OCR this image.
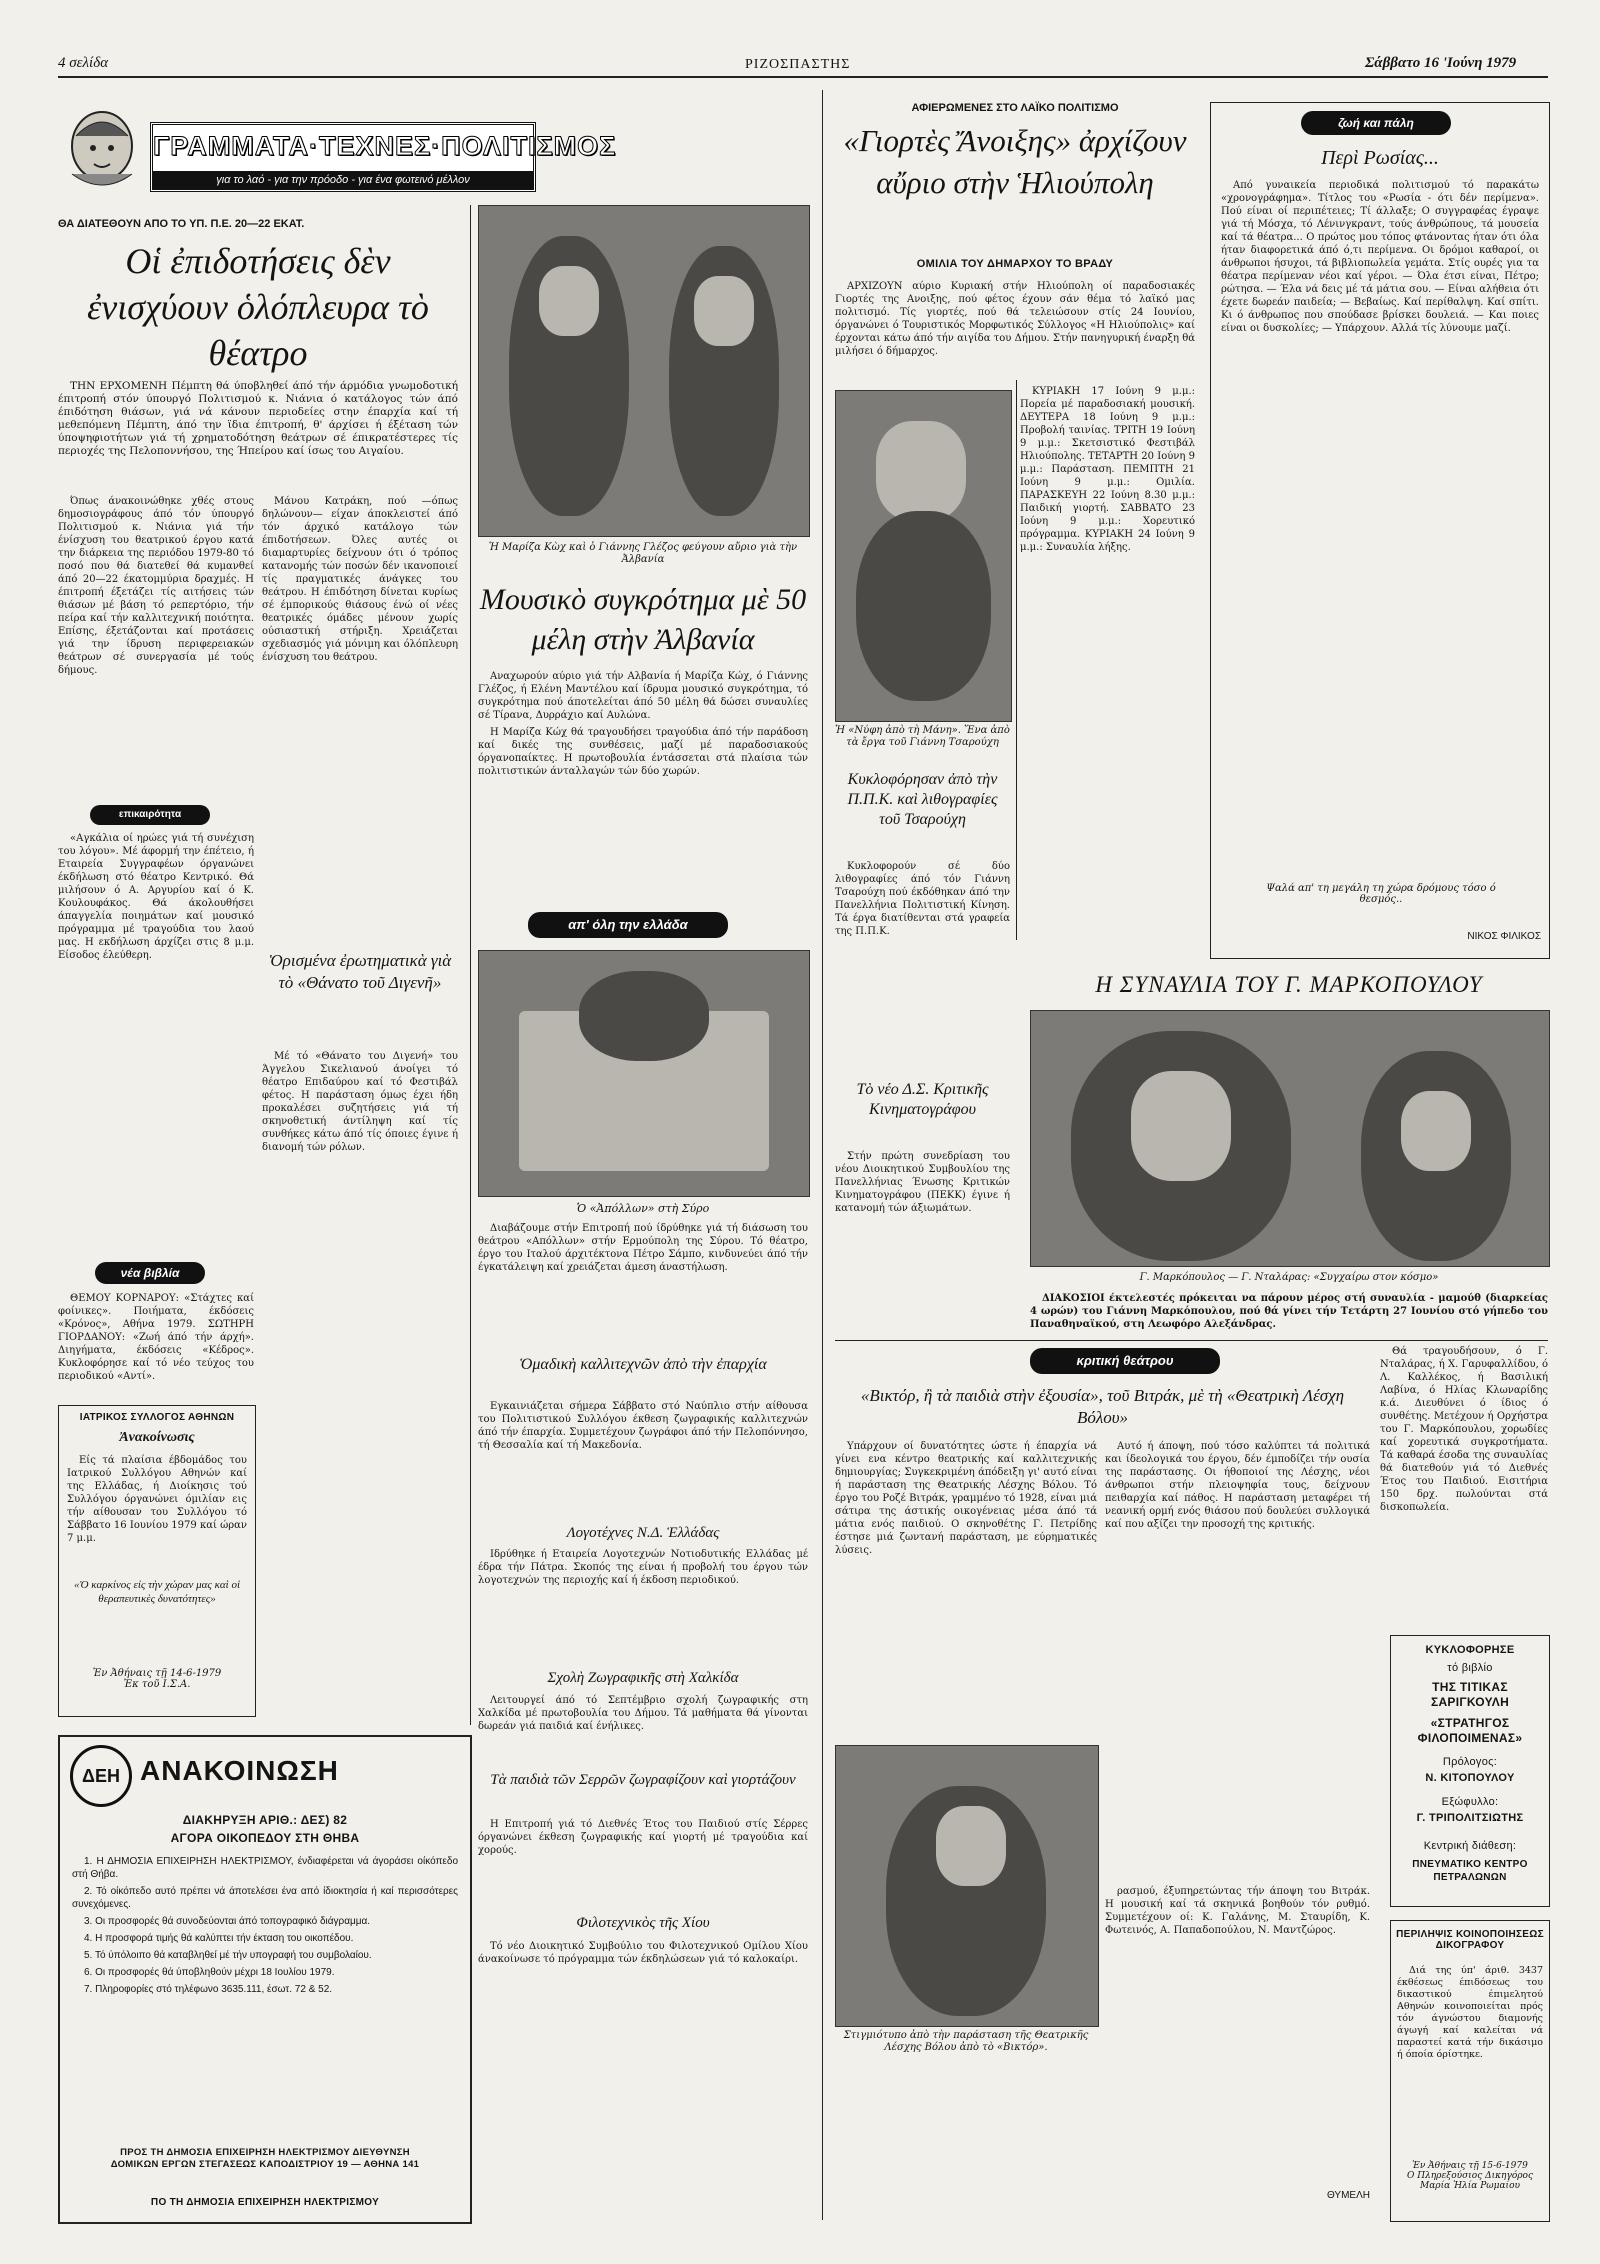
4 σελίδα	ΡΙΖΟΣΠΑΣΤΗΣ	Σάββατο 16 'Ιούνη 1979
ΓΡΑΜΜΑΤΑ·ΤΕΧΝΕΣ·ΠΟΛΙΤΙΣΜΟΣ
για το λαό - για την πρόοδο - για ένα φωτεινό μέλλον
ΘΑ ΔΙΑΤΕΘΟΥΝ ΑΠΟ ΤΟ ΥΠ. Π.Ε. 20—22 ΕΚΑΤ.
Οἱ ἐπιδοτήσεις δὲν ἐνισχύουν ὁλόπλευρα τὸ θέατρο

ΤΗΝ ΕΡΧΟΜΕΝΗ Πέμπτη θά ύποβληθεί άπό τήν άρμόδια γνωμοδοτική έπιτροπή στόν ύπουργό Πολιτισμού κ. Νιάνια ό κατάλογος τών άπό έπιδότηση θιάσων, γιά νά κάνουν περιοδείες στην έπαρχία καί τή μεθεπόμενη Πέμπτη, άπό την ϊδια έπιτροπή, θ' άρχίσει ή έξέταση τών ύποψηφιοτήτων γιά τή χρηματοδότηση θεάτρων σέ έπικρατέστερες τίς περιοχές της Πελοποννήσου, της Ήπείρου καί ίσως του Αιγαίου.

Όπως άνακοινώθηκε χθές στους δημοσιογράφους άπό τόν ύπουργό Πολιτισμού κ. Νιάνια γιά τήν ένίσχυση του θεατρικού έργου κατά την διάρκεια της περιόδου 1979-80 τό ποσό που θά διατεθεί θά κυμανθεί άπό 20—22 έκατομμύρια δραχμές. Η έπιτροπή έξετάζει τίς αιτήσεις τών θιάσων μέ βάση τό ρεπερτόριο, τήν πείρα καί τήν καλλιτεχνική ποιότητα. Επίσης, έξετάζονται καί προτάσεις γιά την ίδρυση περιφερειακών θεάτρων σέ συνεργασία μέ τούς δήμους.

Μάνου Κατράκη, πού —όπως δηλώνουν— είχαν άποκλειστεί άπό τόν άρχικό κατάλογο τών έπιδοτήσεων. Όλες αυτές οι διαμαρτυρίες δείχνουν ότι ό τρόπος κατανομής τών ποσών δέν ικανοποιεί τίς πραγματικές άνάγκες του θεάτρου. Η έπιδότηση δίνεται κυρίως σέ έμπορικούς θιάσους ένώ οί νέες θεατρικές όμάδες μένουν χωρίς ούσιαστική στήριξη. Χρειάζεται σχεδιασμός γιά μόνιμη και όλόπλευρη ένίσχυση του θεάτρου.

επικαιρότητα

«Αγκάλια οί ηρώες γιά τή συνέχιση του λόγου». Μέ άφορμή την έπέτειο, ή Εταιρεία Συγγραφέων όργανώνει έκδήλωση στό θέατρο Κεντρικό. Θά μιλήσουν ό Α. Αργυρίου καί ό Κ. Κουλουφάκος. Θά άκολουθήσει άπαγγελία ποιημάτων καί μουσικό πρόγραμμα μέ τραγούδια του λαού μας. Η εκδήλωση άρχίζει στις 8 μ.μ. Είσοδος έλεύθερη.

νέα βιβλία

ΘΕΜΟΥ ΚΟΡΝΑΡΟΥ: «Στάχτες καί φοίνικες». Ποιήματα, έκδόσεις «Κρόνος», Αθήνα 1979. ΣΩΤΗΡΗ ΓΙΟΡΔΑΝΟΥ: «Ζωή άπό τήν άρχή». Διηγήματα, έκδόσεις «Κέδρος». Κυκλοφόρησε καί τό νέο τεύχος του περιοδικού «Αντί».

ΙΑΤΡΙΚΟΣ ΣΥΛΛΟΓΟΣ ΑΘΗΝΩΝ
Ἀνακοίνωσις

Είς τά πλαίσια έβδομάδος του Ιατρικού Συλλόγου Αθηνών καί της Ελλάδας, ή Διοίκησις τού Συλλόγου όργανώνει όμιλίαν εις τήν αίθουσαν του Συλλόγου τό Σάββατο 16 Ιουνίου 1979 καί ώραν 7 μ.μ.

«Ὁ καρκίνος εἰς τὴν χώραν μας καὶ οἱ θεραπευτικὲς δυνατότητες»
Ἐν Ἀθήναις τῇ 14-6-1979
Ἐκ τοῦ Ι.Σ.Α.
ΔΕΗ ΑΝΑΚΟΙΝΩΣΗ
ΔΙΑΚΗΡΥΞΗ ΑΡΙΘ.: ΔΕΣ) 82
ΑΓΟΡΑ ΟΙΚΟΠΕΔΟΥ ΣΤΗ ΘΗΒΑ

1. Η ΔΗΜΟΣΙΑ ΕΠΙΧΕΙΡΗΣΗ ΗΛΕΚΤΡΙΣΜΟΥ, ένδιαφέρεται νά άγοράσει οίκόπεδο στή Θήβα.

2. Τό οίκόπεδο αυτό πρέπει νά άποτελέσει ένα από ίδιοκτησία ή καί περισσότερες συνεχόμενες.

3. Οι προσφορές θά συνοδεύονται άπό τοπογραφικό διάγραμμα.

4. Η προσφορά τιμής θά καλύπτει τήν έκταση του οικοπέδου.

5. Τό ύπόλοιπο θά καταβληθεί μέ τήν υπογραφή του συμβολαίου.

6. Οι προσφορές θά ύποβληθούν μέχρι 18 Ιουλίου 1979.

7. Πληροφορίες στό τηλέφωνο 3635.111, έσωτ. 72 & 52.

ΠΡΟΣ ΤΗ ΔΗΜΟΣΙΑ ΕΠΙΧΕΙΡΗΣΗ ΗΛΕΚΤΡΙΣΜΟΥ ΔΙΕΥΘΥΝΣΗ ΔΟΜΙΚΩΝ ΕΡΓΩΝ ΣΤΕΓΑΣΕΩΣ ΚΑΠΟΔΙΣΤΡΙΟΥ 19 — ΑΘΗΝΑ 141
ΠΟ ΤΗ ΔΗΜΟΣΙΑ ΕΠΙΧΕΙΡΗΣΗ ΗΛΕΚΤΡΙΣΜΟΥ
Ἡ Μαρίζα Κὼχ καὶ ὁ Γιάννης Γλέζος φεύγουν αὔριο γιὰ τὴν Ἀλβανία
Μουσικὸ συγκρότημα μὲ 50 μέλη στὴν Ἀλβανία

Αναχωρούν αύριο γιά τήν Αλβανία ή Μαρίζα Κώχ, ό Γιάννης Γλέζος, ή Ελένη Μαντέλου καί ίδρυμα μουσικό συγκρότημα, τό συγκρότημα πού άποτελείται άπό 50 μέλη θά δώσει συναυλίες σέ Τίρανα, Δυρράχιο καί Αυλώνα.

Η Μαρίζα Κώχ θά τραγουδήσει τραγούδια άπό τήν παράδοση καί δικές της συνθέσεις, μαζί μέ παραδοσιακούς όργανοπαίκτες. Η πρωτοβουλία έντάσσεται στά πλαίσια τών πολιτιστικών άνταλλαγών τών δύο χωρών.

απ' όλη την ελλάδα
Ὁρισμένα ἐρωτηματικὰ γιὰ τὸ «Θάνατο τοῦ Διγενῆ»

Μέ τό «Θάνατο του Διγενή» του Άγγελου Σικελιανού άνοίγει τό θέατρο Επιδαύρου καί τό Φεστιβάλ φέτος. Η παράσταση όμως έχει ήδη προκαλέσει συζητήσεις γιά τή σκηνοθετική άντίληψη καί τίς συνθήκες κάτω άπό τίς όποιες έγινε ή διανομή τών ρόλων.

Ὁ «Ἀπόλλων» στὴ Σύρο

Διαβάζουμε στήν Επιτροπή πού ίδρύθηκε γιά τή διάσωση του θεάτρου «Απόλλων» στήν Ερμούπολη της Σύρου. Τό θέατρο, έργο του Ιταλού άρχιτέκτονα Πέτρο Σάμπο, κινδυνεύει άπό τήν έγκατάλειψη καί χρειάζεται άμεση άναστήλωση.

Ὁμαδικὴ καλλιτεχνῶν ἀπὸ τὴν ἐπαρχία

Εγκαινιάζεται σήμερα Σάββατο στό Ναύπλιο στήν αίθουσα του Πολιτιστικού Συλλόγου έκθεση ζωγραφικής καλλιτεχνών άπό τήν έπαρχία. Συμμετέχουν ζωγράφοι άπό τήν Πελοπόννησο, τή Θεσσαλία καί τή Μακεδονία.

Λογοτέχνες Ν.Δ. Ἑλλάδας

Ιδρύθηκε ή Εταιρεία Λογοτεχνών Νοτιοδυτικής Ελλάδας μέ έδρα τήν Πάτρα. Σκοπός της είναι ή προβολή του έργου τών λογοτεχνών της περιοχής καί ή έκδοση περιοδικού.

Σχολὴ Ζωγραφικῆς στὴ Χαλκίδα

Λειτουργεί άπό τό Σεπτέμβριο σχολή ζωγραφικής στη Χαλκίδα μέ πρωτοβουλία του Δήμου. Τά μαθήματα θά γίνονται δωρεάν γιά παιδιά καί ένήλικες.

Τὰ παιδιὰ τῶν Σερρῶν ζωγραφίζουν καὶ γιορτάζουν

Η Επιτροπή γιά τό Διεθνές Έτος του Παιδιού στίς Σέρρες όργανώνει έκθεση ζωγραφικής καί γιορτή μέ τραγούδια καί χορούς.

Φιλοτεχνικὸς τῆς Χίου

Τό νέο Διοικητικό Συμβούλιο του Φιλοτεχνικού Ομίλου Χίου άνακοίνωσε τό πρόγραμμα τών έκδηλώσεων γιά τό καλοκαίρι.

ΑΦΙΕΡΩΜΕΝΕΣ ΣΤΟ ΛΑΪΚΟ ΠΟΛΙΤΙΣΜΟ
«Γιορτὲς Ἄνοιξης» ἀρχίζουν αὔριο στὴν Ἡλιούπολη
ΟΜΙΛΙΑ ΤΟΥ ΔΗΜΑΡΧΟΥ ΤΟ ΒΡΑΔΥ

ΑΡΧΙΖΟΥΝ αύριο Κυριακή στήν Ηλιούπολη οί παραδοσιακές Γιορτές της Ανοιξης, πού φέτος έχουν σάν θέμα τό λαϊκό μας πολιτισμό. Τίς γιορτές, πού θά τελειώσουν στίς 24 Ιουνίου, όργανώνει ό Τουριστικός Μορφωτικός Σύλλογος «Η Ηλιούπολις» καί έρχονται κάτω άπό τήν αιγίδα του Δήμου. Στήν πανηγυρική έναρξη θά μιλήσει ό δήμαρχος.

ΚΥΡΙΑΚΗ 17 Ιούνη 9 μ.μ.: Πορεία μέ παραδοσιακή μουσική. ΔΕΥΤΕΡΑ 18 Ιούνη 9 μ.μ.: Προβολή ταινίας. ΤΡΙΤΗ 19 Ιούνη 9 μ.μ.: Σκετσιστικό Φεστιβάλ Ηλιούπολης. ΤΕΤΑΡΤΗ 20 Ιούνη 9 μ.μ.: Παράσταση. ΠΕΜΠΤΗ 21 Ιούνη 9 μ.μ.: Ομιλία. ΠΑΡΑΣΚΕΥΗ 22 Ιούνη 8.30 μ.μ.: Παιδική γιορτή. ΣΑΒΒΑΤΟ 23 Ιούνη 9 μ.μ.: Χορευτικό πρόγραμμα. ΚΥΡΙΑΚΗ 24 Ιούνη 9 μ.μ.: Συναυλία λήξης.

Ἡ «Νύφη ἀπὸ τὴ Μάνη». Ἕνα ἀπὸ τὰ ἔργα τοῦ Γιάννη Τσαρούχη
Κυκλοφόρησαν ἀπὸ τὴν Π.Π.Κ. καὶ λιθογραφίες τοῦ Τσαρούχη

Κυκλοφορούν σέ δύο λιθογραφίες άπό τόν Γιάννη Τσαρούχη πού έκδόθηκαν άπό την Πανελλήνια Πολιτιστική Κίνηση. Τά έργα διατίθενται στά γραφεία της Π.Π.Κ.

Τὸ νέο Δ.Σ. Κριτικῆς Κινηματογράφου

Στήν πρώτη συνεδρίαση του νέου Διοικητικού Συμβουλίου της Πανελλήνιας Ένωσης Κριτικών Κινηματογράφου (ΠΕΚΚ) έγινε ή κατανομή τών άξιωμάτων.

ζωή και πάλη
Περὶ Ρωσίας...

Από γυναικεία περιοδικά πολιτισμού τό παρακάτω «χρονογράφημα». Τίτλος του «Ρωσία - ότι δέν περίμενα». Πού είναι οί περιπέτειες; Τί άλλαξε; Ο συγγραφέας έγραψε γιά τή Μόσχα, τό Λένινγκραντ, τούς άνθρώπους, τά μουσεία καί τά θέατρα... Ο πρώτος μου τόπος φτάνοντας ήταν ότι όλα ήταν διαφορετικά άπό ό,τι περίμενα. Οι δρόμοι καθαροί, οι άνθρωποι ήσυχοι, τά βιβλιοπωλεία γεμάτα. Στίς ουρές για τα θέατρα περίμεναν νέοι καί γέροι. — Όλα έτσι είναι, Πέτρο; ρώτησα. — Έλα νά δεις μέ τά μάτια σου. — Είναι αλήθεια ότι έχετε δωρεάν παιδεία; — Βεβαίως. Καί περίθαλψη. Καί σπίτι. Κι ό άνθρωπος που σπούδασε βρίσκει δουλειά. — Και ποιες είναι οι δυσκολίες; — Υπάρχουν. Αλλά τίς λύνουμε μαζί.

Ψαλά απ' τη μεγάλη τη χώρα δρόμους τόσο ό θεσμός..
ΝΙΚΟΣ ΦΙΛΙΚΟΣ
Η ΣΥΝΑΥΛΙΑ ΤΟΥ Γ. ΜΑΡΚΟΠΟΥΛΟΥ
Γ. Μαρκόπουλος — Γ. Νταλάρας: «Συγχαίρω στον κόσμο»

ΔΙΑΚΟΣΙΟΙ έκτελεστές πρόκειται να πάρουν μέρος στή συναυλία - μαμούθ (διαρκείας 4 ωρών) του Γιάννη Μαρκόπουλου, πού θά γίνει τήν Τετάρτη 27 Ιουνίου στό γήπεδο του Παναθηναϊκού, στη Λεωφόρο Αλεξάνδρας.

Θά τραγουδήσουν, ό Γ. Νταλάρας, ή Χ. Γαρυφαλλίδου, ό Λ. Καλλέκος, ή Βασιλική Λαβίνα, ό Ηλίας Κλωναρίδης κ.ά. Διευθύνει ό ίδιος ό συνθέτης. Μετέχουν ή Ορχήστρα του Γ. Μαρκόπουλου, χορωδίες καί χορευτικά συγκροτήματα. Τά καθαρά έσοδα της συναυλίας θά διατεθούν γιά τό Διεθνές Έτος του Παιδιού. Εισιτήρια 150 δρχ. πωλούνται στά δισκοπωλεία.

κριτική θεάτρου
«Βικτόρ, ἢ τὰ παιδιὰ στὴν ἐξουσία», τοῦ Βιτράκ, μὲ τὴ «Θεατρικὴ Λέσχη Βόλου»

Υπάρχουν οί δυνατότητες ώστε ή έπαρχία νά γίνει ενα κέντρο θεατρικής καί καλλιτεχνικής δημιουργίας; Συγκεκριμένη άπόδειξη γι' αυτό είναι ή παράσταση της Θεατρικής Λέσχης Βόλου. Τό έργο του Ροζέ Βιτράκ, γραμμένο τό 1928, είναι μιά σάτιρα της άστικής οικογένειας μέσα άπό τά μάτια ενός παιδιού. Ο σκηνοθέτης Γ. Πετρίδης έστησε μιά ζωντανή παράσταση, με εύρηματικές λύσεις.

Αυτό ή άποψη, πού τόσο καλύπτει τά πολιτικά και ίδεολογικά του έργου, δέν έμποδίζει τήν ουσία της παράστασης. Οι ήθοποιοί της Λέσχης, νέοι άνθρωποι στήν πλειοψηφία τους, δείχνουν πειθαρχία καί πάθος. Η παράσταση μεταφέρει τή νεανική ορμή ενός θιάσου πού δουλεύει συλλογικά καί που αξίζει την προσοχή της κριτικής.

Στιγμιότυπο ἀπὸ τὴν παράσταση τῆς Θεατρικῆς Λέσχης Βόλου ἀπὸ τὸ «Βικτόρ».

ρασμού, έξυπηρετώντας τήν άποψη του Βιτράκ. Η μουσική καί τά σκηνικά βοηθούν τόν ρυθμό. Συμμετέχουν οί: Κ. Γαλάνης, Μ. Σταυρίδη, Κ. Φωτεινός, Α. Παπαδοπούλου, Ν. Μαντζώρος.

ΘΥΜΕΛΗ
ΚΥΚΛΟΦΟΡΗΣΕ
τό βιβλίο
ΤΗΣ ΤΙΤΙΚΑΣ ΣΑΡΙΓΚΟΥΛΗ
«ΣΤΡΑΤΗΓΟΣ ΦΙΛΟΠΟΙΜΕΝΑΣ»
Πρόλογος:
Ν. ΚΙΤΟΠΟΥΛΟΥ
Εξώφυλλο:
Γ. ΤΡΙΠΟΛΙΤΣΙΩΤΗΣ
Κεντρική διάθεση:
ΠΝΕΥΜΑΤΙΚΟ ΚΕΝΤΡΟ ΠΕΤΡΑΛΩΝΩΝ
ΠΕΡΙΛΗΨΙΣ ΚΟΙΝΟΠΟΙΗΣΕΩΣ ΔΙΚΟΓΡΑΦΟΥ

Διά της ύπ' άριθ. 3437 έκθέσεως έπιδόσεως του δικαστικού έπιμελητού Αθηνών κοινοποιείται πρός τόν άγνώστου διαμονής άγωγή καί καλείται νά παραστεί κατά τήν δικάσιμο ή όποία όρίστηκε.

Ἐν Ἀθήναις τῇ 15-6-1979
Ο Πληρεξούσιος Δικηγόρος
Μαρία Ἠλία Ρωμαίου
